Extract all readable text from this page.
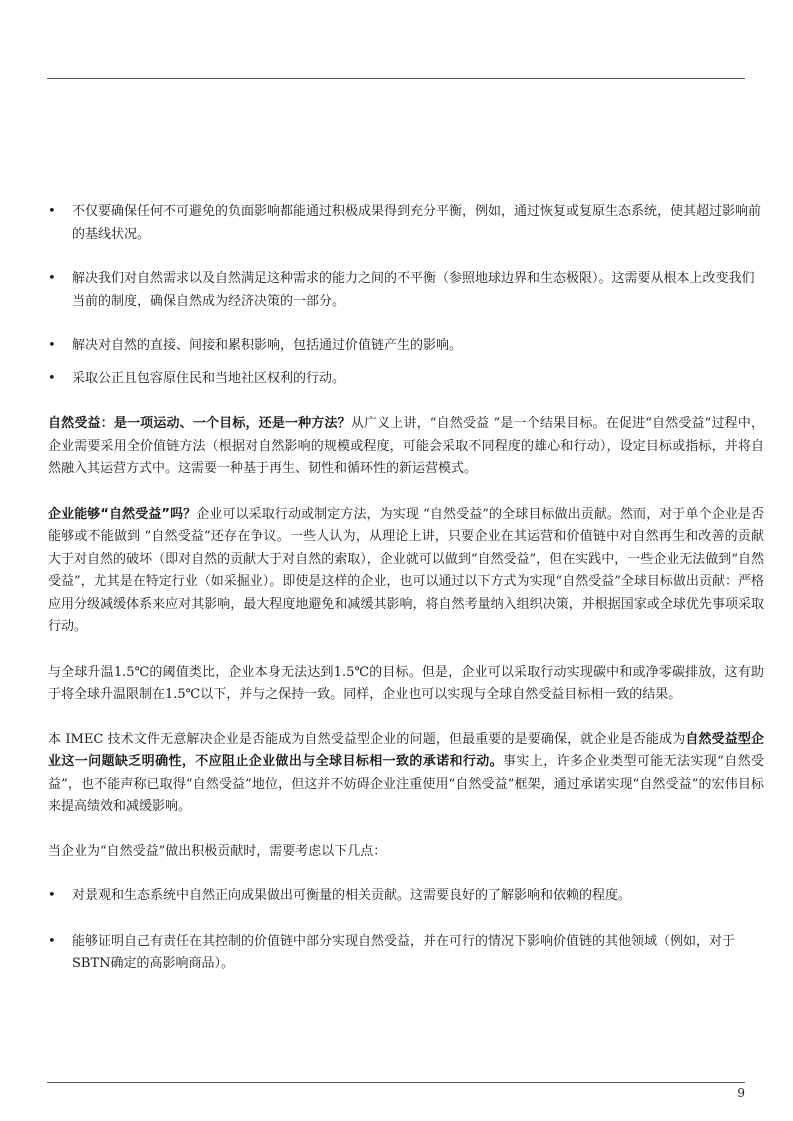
• 不仅要确保任何不可避免的负面影响都能通过积极成果得到充分平衡，例如，通过恢复或复原生态系统，使其超过影响前的基线状况。

• 解决我们对自然需求以及自然满足这种需求的能力之间的不平衡（参照地球边界和生态极限）。这需要从根本上改变我们当前的制度，确保自然成为经济决策的一部分。

• 解决对自然的直接、间接和累积影响，包括通过价值链产生的影响。

• 采取公正且包容原住民和当地社区权利的行动。

自然受益：是一项运动、一个目标，还是一种方法？从广义上讲，“自然受益 ”是一个结果目标。在促进“自然受益”过程中，企业需要采用全价值链方法（根据对自然影响的规模或程度，可能会采取不同程度的雄心和行动），设定目标或指标，并将自然融入其运营方式中。这需要一种基于再生、韧性和循环性的新运营模式。

企业能够“自然受益”吗？企业可以采取行动或制定方法，为实现 “自然受益”的全球目标做出贡献。然而，对于单个企业是否能够或不能做到 “自然受益”还存在争议。一些人认为，从理论上讲，只要企业在其运营和价值链中对自然再生和改善的贡献大于对自然的破坏（即对自然的贡献大于对自然的索取），企业就可以做到“自然受益”，但在实践中，一些企业无法做到“自然受益”，尤其是在特定行业（如采掘业）。即使是这样的企业，也可以通过以下方式为实现“自然受益”全球目标做出贡献：严格应用分级减缓体系来应对其影响，最大程度地避免和减缓其影响，将自然考量纳入组织决策，并根据国家或全球优先事项采取行动。

与全球升温1.5℃的阈值类比，企业本身无法达到1.5℃的目标。但是，企业可以采取行动实现碳中和或净零碳排放，这有助于将全球升温限制在1.5℃以下，并与之保持一致。同样，企业也可以实现与全球自然受益目标相一致的结果。

本 IMEC 技术文件无意解决企业是否能成为自然受益型企业的问题，但最重要的是要确保，就企业是否能成为自然受益型企业这一问题缺乏明确性，不应阻止企业做出与全球目标相一致的承诺和行动。事实上，许多企业类型可能无法实现“自然受益”，也不能声称已取得“自然受益”地位，但这并不妨碍企业注重使用“自然受益”框架，通过承诺实现“自然受益”的宏伟目标来提高绩效和减缓影响。

当企业为“自然受益”做出积极贡献时，需要考虑以下几点：

• 对景观和生态系统中自然正向成果做出可衡量的相关贡献。这需要良好的了解影响和依赖的程度。

• 能够证明自己有责任在其控制的价值链中部分实现自然受益，并在可行的情况下影响价值链的其他领域（例如，对于SBTN确定的高影响商品）。

9
